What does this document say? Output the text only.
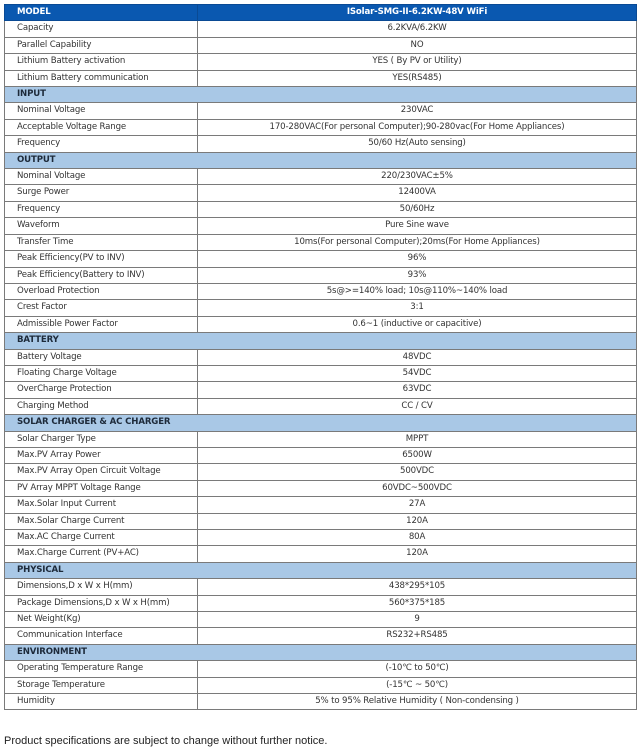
MODEL	ISolar-SMG-II-6.2KW-48V WiFi
Capacity	6.2KVA/6.2KW
Parallel Capability	NO
Lithium Battery activation	YES ( By PV or Utility)
Lithium Battery communication	YES(RS485)
INPUT	
Nominal Voltage	230VAC
Acceptable Voltage Range	170-280VAC(For personal Computer);90-280vac(For Home Appliances)
Frequency	50/60 Hz(Auto sensing)
OUTPUT	
Nominal Voltage	220/230VAC±5%
Surge Power	12400VA
Frequency	50/60Hz
Waveform	Pure Sine wave
Transfer Time	10ms(For personal Computer);20ms(For Home Appliances)
Peak Efficiency(PV to INV)	96%
Peak Efficiency(Battery to INV)	93%
Overload Protection	5s@>=140% load; 10s@110%~140% load
Crest Factor	3:1
Admissible Power Factor	0.6~1 (inductive or capacitive)
BATTERY	
Battery Voltage	48VDC
Floating Charge Voltage	54VDC
OverCharge Protection	63VDC
Charging Method	CC / CV
SOLAR CHARGER & AC CHARGER	
Solar Charger Type	MPPT
Max.PV Array Power	6500W
Max.PV Array Open Circuit Voltage	500VDC
PV Array MPPT Voltage Range	60VDC~500VDC
Max.Solar Input Current	27A
Max.Solar Charge Current	120A
Max.AC Charge Current	80A
Max.Charge Current (PV+AC)	120A
PHYSICAL	
Dimensions,D x W x H(mm)	438*295*105
Package Dimensions,D x W x H(mm)	560*375*185
Net Weight(Kg)	9
Communication Interface	RS232+RS485
ENVIRONMENT	
Operating Temperature Range	(-10℃ to 50℃)
Storage Temperature	(-15℃ ~ 50℃)
Humidity	5% to 95% Relative Humidity ( Non-condensing )
Product specifications are subject to change without further notice.
